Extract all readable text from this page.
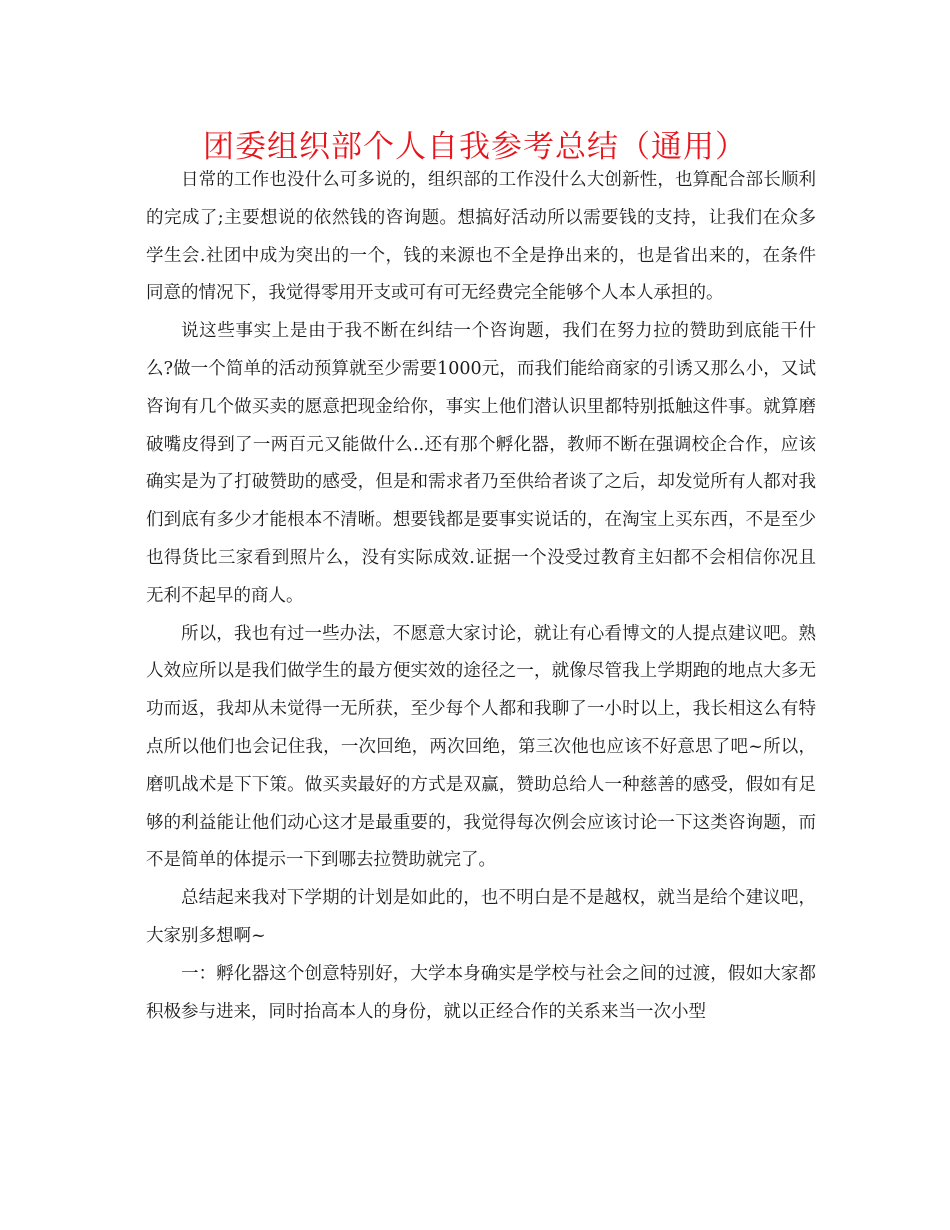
团委组织部个人自我参考总结（通用）

日常的工作也没什么可多说的，组织部的工作没什么大创新性，也算配合部长顺利的完成了;主要想说的依然钱的咨询题。想搞好活动所以需要钱的支持，让我们在众多学生会.社团中成为突出的一个，钱的来源也不全是挣出来的，也是省出来的，在条件同意的情况下，我觉得零用开支或可有可无经费完全能够个人本人承担的。

说这些事实上是由于我不断在纠结一个咨询题，我们在努力拉的赞助到底能干什么?做一个简单的活动预算就至少需要1000元，而我们能给商家的引诱又那么小，又试咨询有几个做买卖的愿意把现金给你，事实上他们潜认识里都特别抵触这件事。就算磨破嘴皮得到了一两百元又能做什么..还有那个孵化器，教师不断在强调校企合作，应该确实是为了打破赞助的感受，但是和需求者乃至供给者谈了之后，却发觉所有人都对我们到底有多少才能根本不清晰。想要钱都是要事实说话的，在淘宝上买东西，不是至少也得货比三家看到照片么，没有实际成效.证据一个没受过教育主妇都不会相信你况且无利不起早的商人。

所以，我也有过一些办法，不愿意大家讨论，就让有心看博文的人提点建议吧。熟人效应所以是我们做学生的最方便实效的途径之一，就像尽管我上学期跑的地点大多无功而返，我却从未觉得一无所获，至少每个人都和我聊了一小时以上，我长相这么有特点所以他们也会记住我，一次回绝，两次回绝，第三次他也应该不好意思了吧~所以，磨叽战术是下下策。做买卖最好的方式是双赢，赞助总给人一种慈善的感受，假如有足够的利益能让他们动心这才是最重要的，我觉得每次例会应该讨论一下这类咨询题，而不是简单的体提示一下到哪去拉赞助就完了。

总结起来我对下学期的计划是如此的，也不明白是不是越权，就当是给个建议吧，大家别多想啊~

一：孵化器这个创意特别好，大学本身确实是学校与社会之间的过渡，假如大家都积极参与进来，同时抬高本人的身份，就以正经合作的关系来当一次小型
